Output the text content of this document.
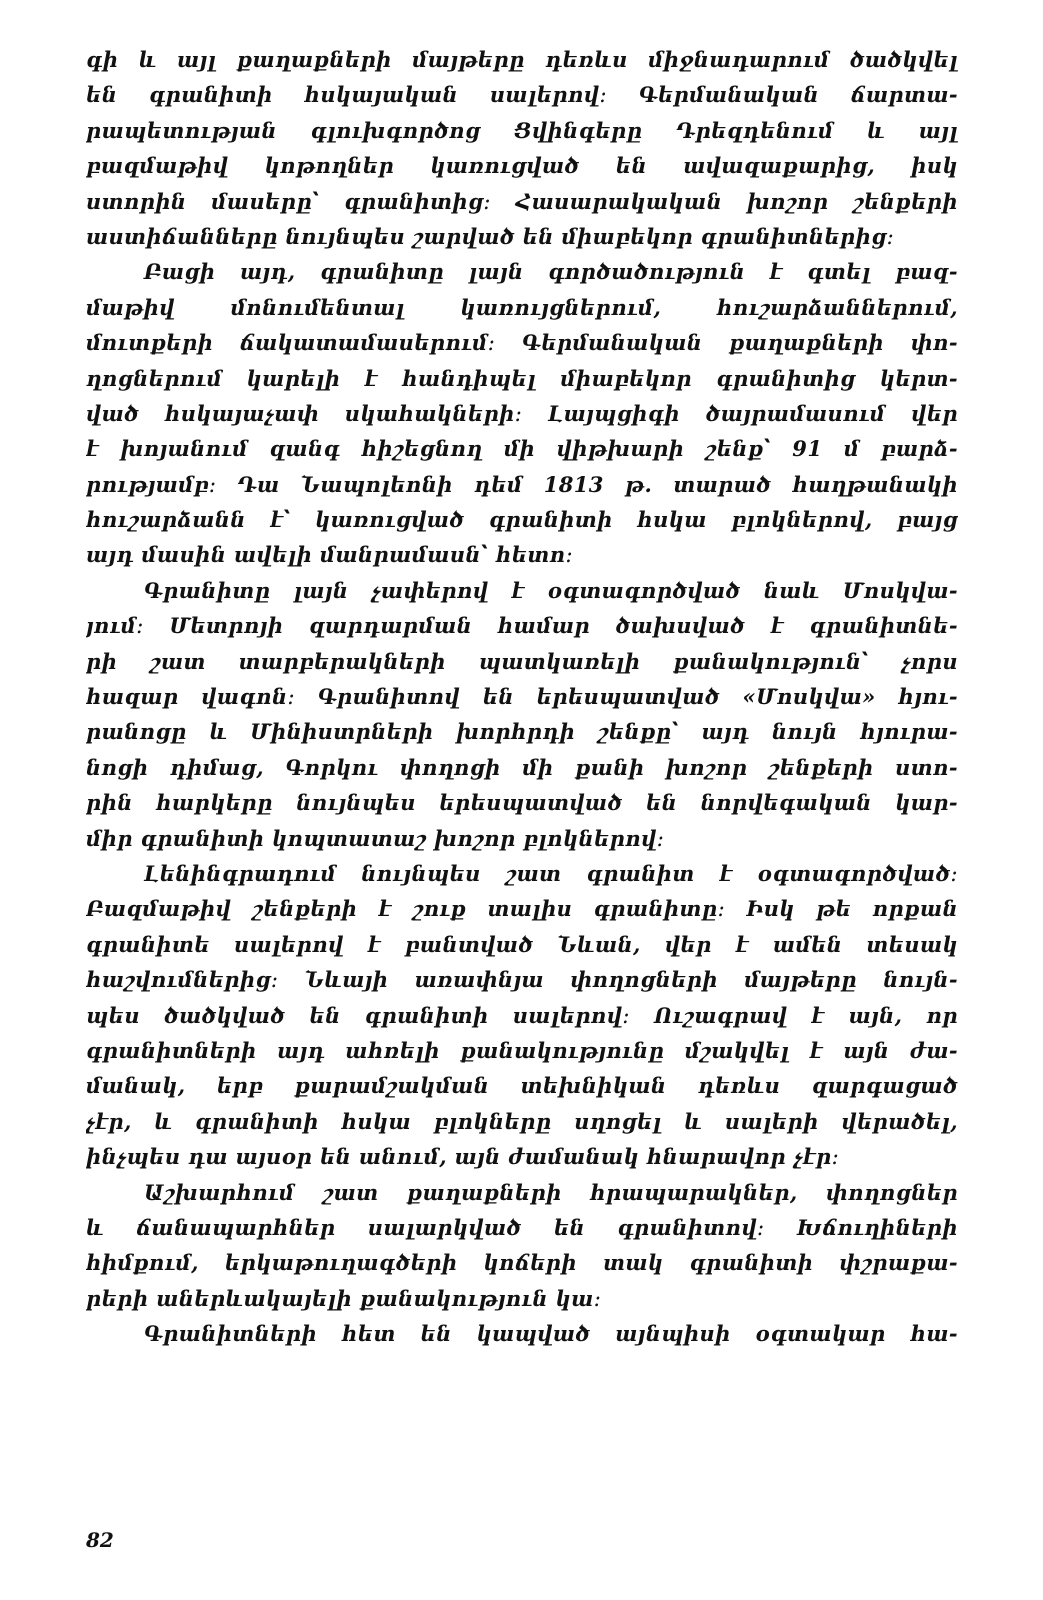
գի և այլ քաղաքների մայթերը դեռևս միջնադարում ծածկվել
են գրանիտի հսկայական սալերով։ Գերմանական ճարտա-
րապետության գլուխգործոց Ցվինգերը Դրեզդենում և այլ
բազմաթիվ կոթողներ կառուցված են ավազաքարից, իսկ
ստորին մասերը՝ գրանիտից։ Հասարակական խոշոր շենքերի
աստիճանները նույնպես շարված են միաբեկոր գրանիտներից։
Բացի այդ, գրանիտը լայն գործածություն է գտել բազ-
մաթիվ մոնումենտալ կառույցներում, հուշարձաններում,
մուտքերի ճակատամասերում։ Գերմանական քաղաքների փո-
ղոցներում կարելի է հանդիպել միաբեկոր գրանիտից կերտ-
ված հսկայաչափ սկահակների։ Լայպցիգի ծայրամասում վեր
է խոյանում զանգ հիշեցնող մի վիթխարի շենք՝ 91 մ բարձ-
րությամբ։ Դա Նապոլեոնի դեմ 1813 թ. տարած հաղթանակի
հուշարձանն է՝ կառուցված գրանիտի հսկա բլոկներով, բայց
այդ մասին ավելի մանրամասն՝ հետո։
Գրանիտը լայն չափերով է օգտագործված նաև Մոսկվա-
յում։ Մետրոյի զարդարման համար ծախսված է գրանիտնե-
րի շատ տարբերակների պատկառելի քանակություն՝ չորս
հազար վագոն։ Գրանիտով են երեսպատված «Մոսկվա» հյու-
րանոցը և Մինիստրների խորհրդի շենքը՝ այդ նույն հյուրա-
նոցի դիմաց, Գորկու փողոցի մի քանի խոշոր շենքերի ստո-
րին հարկերը նույնպես երեսպատված են նորվեգական կար-
միր գրանիտի կոպտատաշ խոշոր բլոկներով։
Լենինգրադում նույնպես շատ գրանիտ է օգտագործված։
Բազմաթիվ շենքերի է շուք տալիս գրանիտը։ Իսկ թե որքան
գրանիտե սալերով է բանտված Նևան, վեր է ամեն տեսակ
հաշվումներից։ Նևայի առափնյա փողոցների մայթերը նույն-
պես ծածկված են գրանիտի սալերով։ Ուշագրավ է այն, որ
գրանիտների այդ ահռելի քանակությունը մշակվել է այն ժա-
մանակ, երբ քարամշակման տեխնիկան դեռևս զարգացած
չէր, և գրանիտի հսկա բլոկները սղոցել և սալերի վերածել,
ինչպես դա այսօր են անում, այն ժամանակ հնարավոր չէր։
Աշխարհում շատ քաղաքների հրապարակներ, փողոցներ
և ճանապարհներ սալարկված են գրանիտով։ Խճուղիների
հիմքում, երկաթուղագծերի կոճերի տակ գրանիտի փշրաքա-
րերի աներևակայելի քանակություն կա։
Գրանիտների հետ են կապված այնպիսի օգտակար հա-
82
